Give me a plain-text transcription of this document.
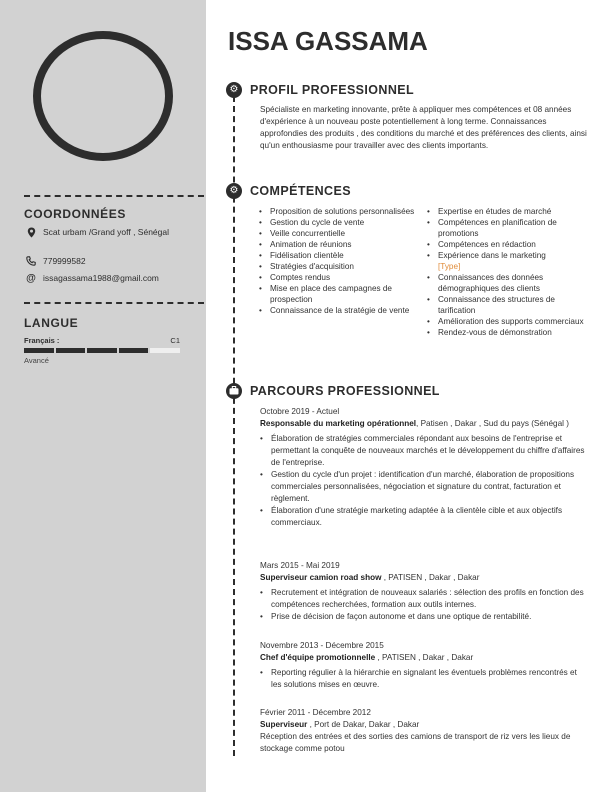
COORDONNÉES
Scat urbam /Grand yoff , Sénégal
779999582
@ issagassama1988@gmail.com
LANGUE
Français :	C1
Avancé
ISSA GASSAMA
⚙ PROFIL PROFESSIONNEL
Spécialiste en marketing innovante, prête à appliquer mes compétences et 08 années d'expérience à un nouveau poste potentiellement à long terme. Connaissances approfondies des produits , des conditions du marché et des préférences des clients, ainsi qu'un enthousiasme pour travailler avec des clients importants.
⚙ COMPÉTENCES
• Proposition de solutions personnalisées
• Gestion du cycle de vente
• Veille concurrentielle
• Animation de réunions
• Fidélisation clientèle
• Stratégies d'acquisition
• Comptes rendus
• Mise en place des campagnes de prospection
• Connaissance de la stratégie de vente
• Expertise en études de marché
• Compétences en planification de promotions
• Compétences en rédaction
• Expérience dans le marketing
[Type]
• Connaissances des données démographiques des clients
• Connaissance des structures de tarification
• Amélioration des supports commerciaux
• Rendez-vous de démonstration
PARCOURS PROFESSIONNEL
Octobre 2019 - Actuel
Responsable du marketing opérationnel, Patisen , Dakar , Sud du pays (Sénégal )
• Élaboration de stratégies commerciales répondant aux besoins de l'entreprise et permettant la conquête de nouveaux marchés et le développement du chiffre d'affaires de l'entreprise.
• Gestion du cycle d'un projet : identification d'un marché, élaboration de propositions commerciales personnalisées, négociation et signature du contrat, facturation et règlement.
• Élaboration d'une stratégie marketing adaptée à la clientèle cible et aux objectifs commerciaux.
Mars 2015 - Mai 2019
Superviseur camion road show , PATISEN , Dakar , Dakar
• Recrutement et intégration de nouveaux salariés : sélection des profils en fonction des compétences recherchées, formation aux outils internes.
• Prise de décision de façon autonome et dans une optique de rentabilité.
Novembre 2013 - Décembre 2015
Chef d'équipe promotionnelle , PATISEN , Dakar , Dakar
• Reporting régulier à la hiérarchie en signalant les éventuels problèmes rencontrés et les solutions mises en œuvre.
Février 2011 - Décembre 2012
Superviseur , Port de Dakar, Dakar , Dakar
Réception des entrées et des sorties des camions de transport de riz vers les lieux de stockage comme potou
